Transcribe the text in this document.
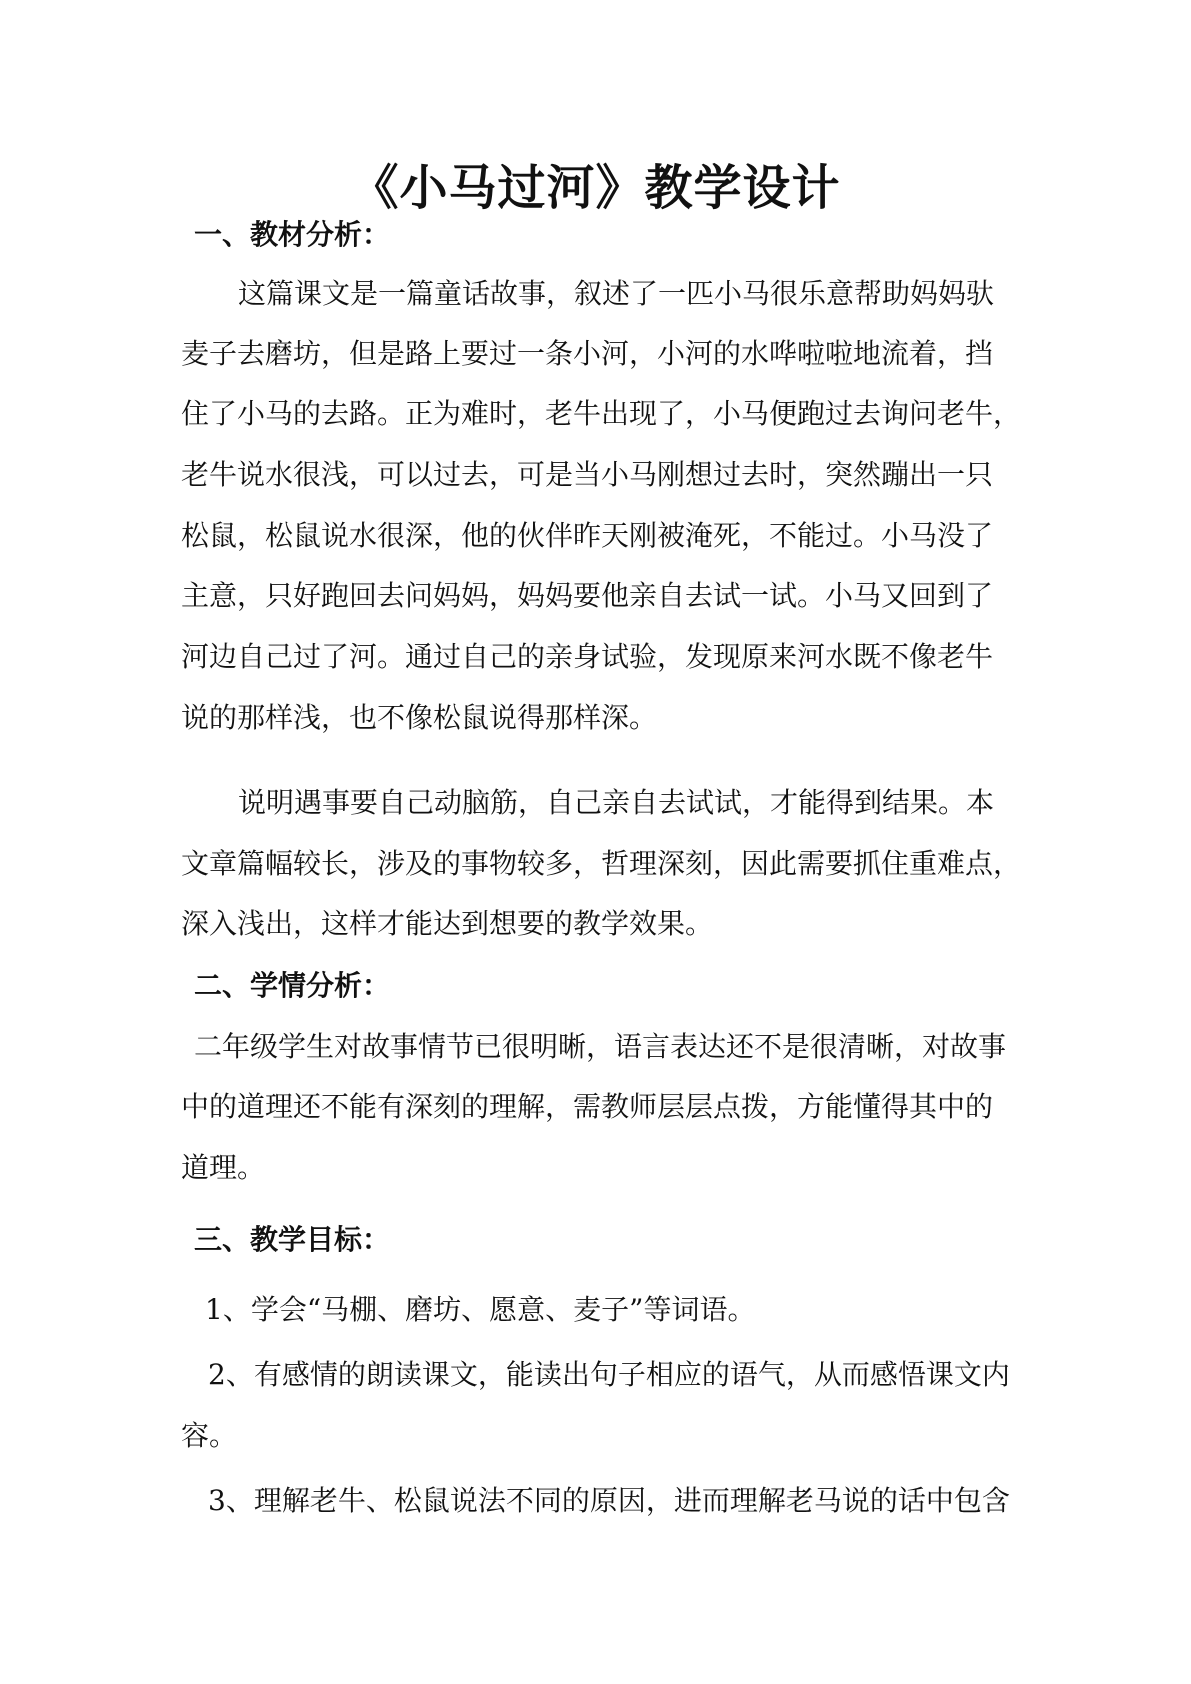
《小马过河》教学设计
一、教材分析：
这篇课文是一篇童话故事，叙述了一匹小马很乐意帮助妈妈驮
麦子去磨坊，但是路上要过一条小河，小河的水哗啦啦地流着，挡
住了小马的去路。正为难时，老牛出现了，小马便跑过去询问老牛，
老牛说水很浅，可以过去，可是当小马刚想过去时，突然蹦出一只
松鼠，松鼠说水很深，他的伙伴昨天刚被淹死，不能过。小马没了
主意，只好跑回去问妈妈，妈妈要他亲自去试一试。小马又回到了
河边自己过了河。通过自己的亲身试验，发现原来河水既不像老牛
说的那样浅，也不像松鼠说得那样深。
说明遇事要自己动脑筋，自己亲自去试试，才能得到结果。本
文章篇幅较长，涉及的事物较多，哲理深刻，因此需要抓住重难点，
深入浅出，这样才能达到想要的教学效果。
二、学情分析：
二年级学生对故事情节已很明晰，语言表达还不是很清晰，对故事
中的道理还不能有深刻的理解，需教师层层点拨，方能懂得其中的
道理。
三、教学目标：
1、学会“马棚、磨坊、愿意、麦子”等词语。
2、有感情的朗读课文，能读出句子相应的语气，从而感悟课文内
容。
3、理解老牛、松鼠说法不同的原因，进而理解老马说的话中包含
